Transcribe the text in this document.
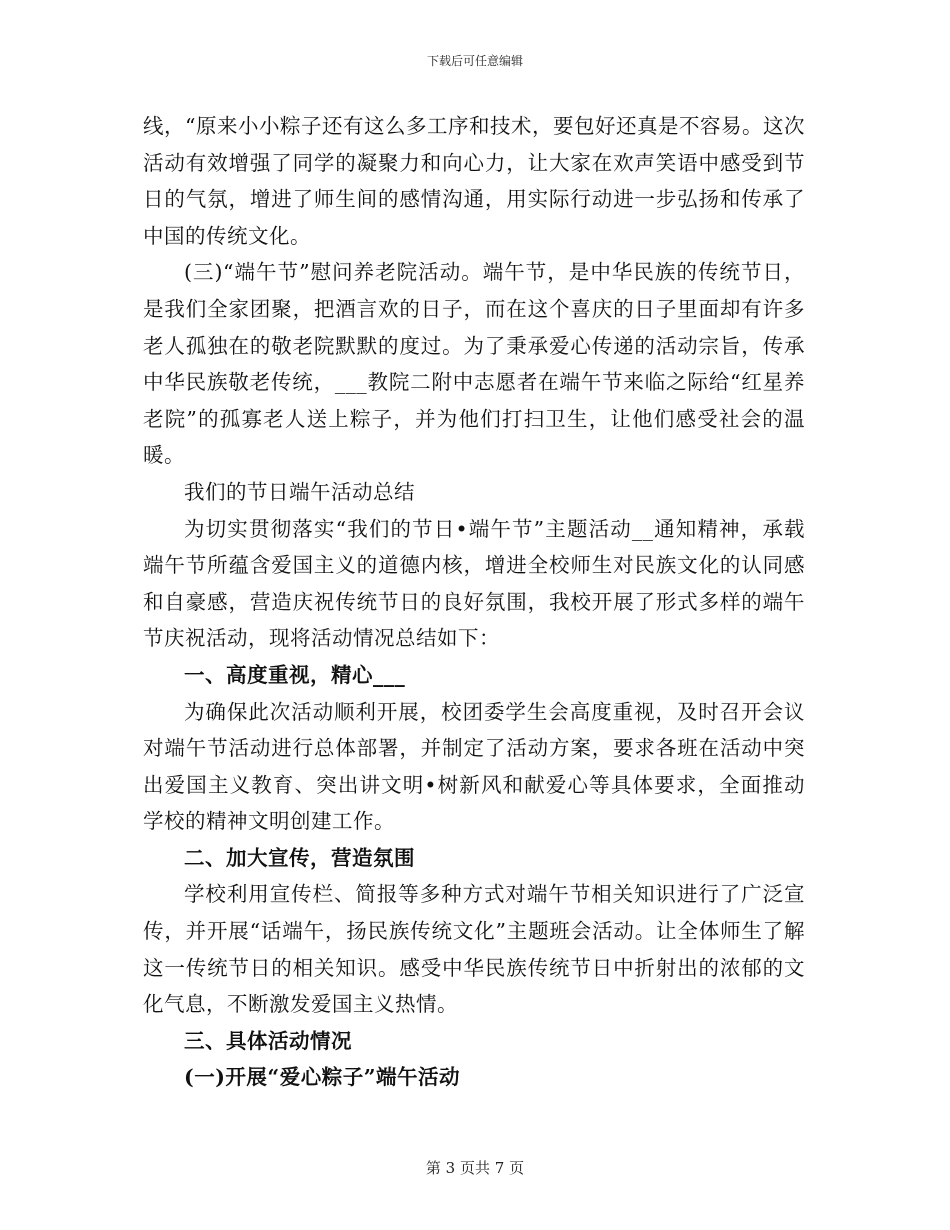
下载后可任意编辑

线，“原来小小粽子还有这么多工序和技术，要包好还真是不容易。这次活动有效增强了同学的凝聚力和向心力，让大家在欢声笑语中感受到节日的气氛，增进了师生间的感情沟通，用实际行动进一步弘扬和传承了中国的传统文化。

(三)“端午节”慰问养老院活动。端午节，是中华民族的传统节日，是我们全家团聚，把酒言欢的日子，而在这个喜庆的日子里面却有许多老人孤独在的敬老院默默的度过。为了秉承爱心传递的活动宗旨，传承中华民族敬老传统，___教院二附中志愿者在端午节来临之际给“红星养老院”的孤寡老人送上粽子，并为他们打扫卫生，让他们感受社会的温暖。

我们的节日端午活动总结

为切实贯彻落实“我们的节日•端午节”主题活动__通知精神，承载端午节所蕴含爱国主义的道德内核，增进全校师生对民族文化的认同感和自豪感，营造庆祝传统节日的良好氛围，我校开展了形式多样的端午节庆祝活动，现将活动情况总结如下：

一、高度重视，精心___

为确保此次活动顺利开展，校团委学生会高度重视，及时召开会议对端午节活动进行总体部署，并制定了活动方案，要求各班在活动中突出爱国主义教育、突出讲文明•树新风和献爱心等具体要求，全面推动学校的精神文明创建工作。

二、加大宣传，营造氛围

学校利用宣传栏、简报等多种方式对端午节相关知识进行了广泛宣传，并开展“话端午，扬民族传统文化”主题班会活动。让全体师生了解这一传统节日的相关知识。感受中华民族传统节日中折射出的浓郁的文化气息，不断激发爱国主义热情。

三、具体活动情况

(一)开展“爱心粽子”端午活动

第 3 页共 7 页
